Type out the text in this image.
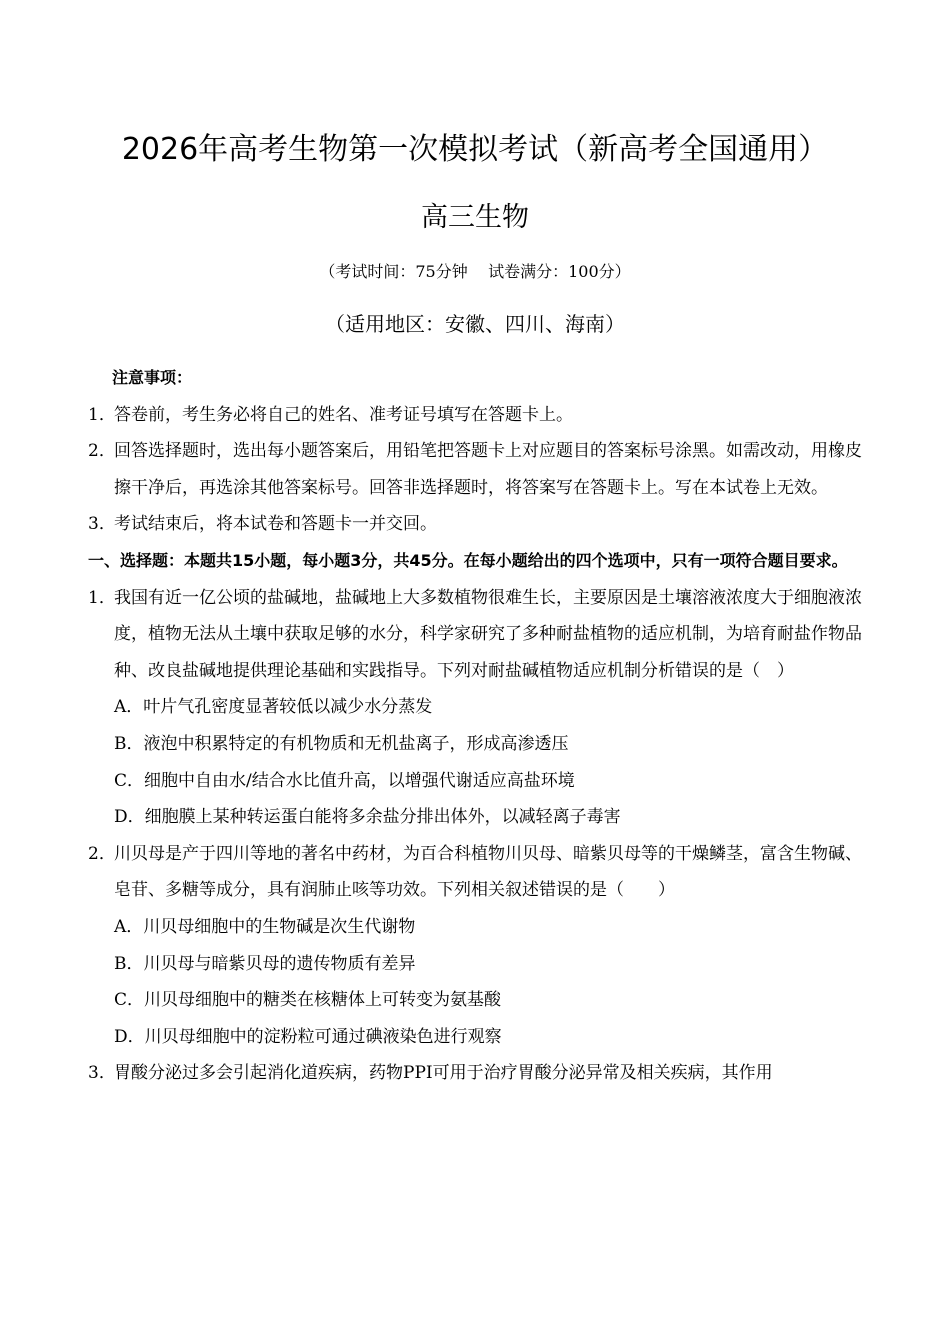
2026年高考生物第一次模拟考试（新高考全国通用）
高三生物
（考试时间：75分钟    试卷满分：100分）
（适用地区：安徽、四川、海南）
注意事项：
1．
答卷前，考生务必将自己的姓名、准考证号填写在答题卡上。
2．
回答选择题时，选出每小题答案后，用铅笔把答题卡上对应题目的答案标号涂黑。如需改动，用橡皮擦干净后，再选涂其他答案标号。回答非选择题时，将答案写在答题卡上。写在本试卷上无效。
3．
考试结束后，将本试卷和答题卡一并交回。
一、选择题：本题共15小题，每小题3分，共45分。在每小题给出的四个选项中，只有一项符合题目要求。
1．
我国有近一亿公顷的盐碱地，盐碱地上大多数植物很难生长，主要原因是土壤溶液浓度大于细胞液浓度，植物无法从土壤中获取足够的水分，科学家研究了多种耐盐植物的适应机制，为培育耐盐作物品种、改良盐碱地提供理论基础和实践指导。下列对耐盐碱植物适应机制分析错误的是（　）
A．叶片气孔密度显著较低以减少水分蒸发
B．液泡中积累特定的有机物质和无机盐离子，形成高渗透压
C．细胞中自由水/结合水比值升高，以增强代谢适应高盐环境
D．细胞膜上某种转运蛋白能将多余盐分排出体外，以减轻离子毒害
2．
川贝母是产于四川等地的著名中药材，为百合科植物川贝母、暗紫贝母等的干燥鳞茎，富含生物碱、皂苷、多糖等成分，具有润肺止咳等功效。下列相关叙述错误的是（　　）
A．川贝母细胞中的生物碱是次生代谢物
B．川贝母与暗紫贝母的遗传物质有差异
C．川贝母细胞中的糖类在核糖体上可转变为氨基酸
D．川贝母细胞中的淀粉粒可通过碘液染色进行观察
3．
胃酸分泌过多会引起消化道疾病，药物PPI可用于治疗胃酸分泌异常及相关疾病，其作用
